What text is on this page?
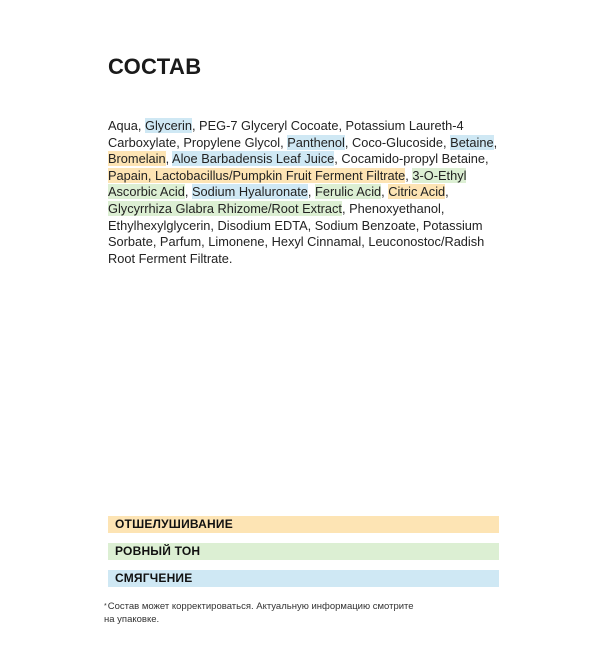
СОСТАВ
Aqua, Glycerin, PEG-7 Glyceryl Cocoate, Potassium Laureth-4 Carboxylate, Propylene Glycol, Panthenol, Coco-Glucoside, Betaine, Bromelain, Aloe Barbadensis Leaf Juice, Cocamido-propyl Betaine, Papain, Lactobacillus/Pumpkin Fruit Ferment Filtrate, 3-O-Ethyl Ascorbic Acid, Sodium Hyaluronate, Ferulic Acid, Citric Acid, Glycyrrhiza Glabra Rhizome/Root Extract, Phenoxyethanol, Ethylhexylglycerin, Disodium EDTA, Sodium Benzoate, Potassium Sorbate, Parfum, Limonene, Hexyl Cinnamal, Leuconostoc/Radish Root Ferment Filtrate.
ОТШЕЛУШИВАНИЕ
РОВНЫЙ ТОН
СМЯГЧЕНИЕ
*Состав может корректироваться. Актуальную информацию смотрите на упаковке.
